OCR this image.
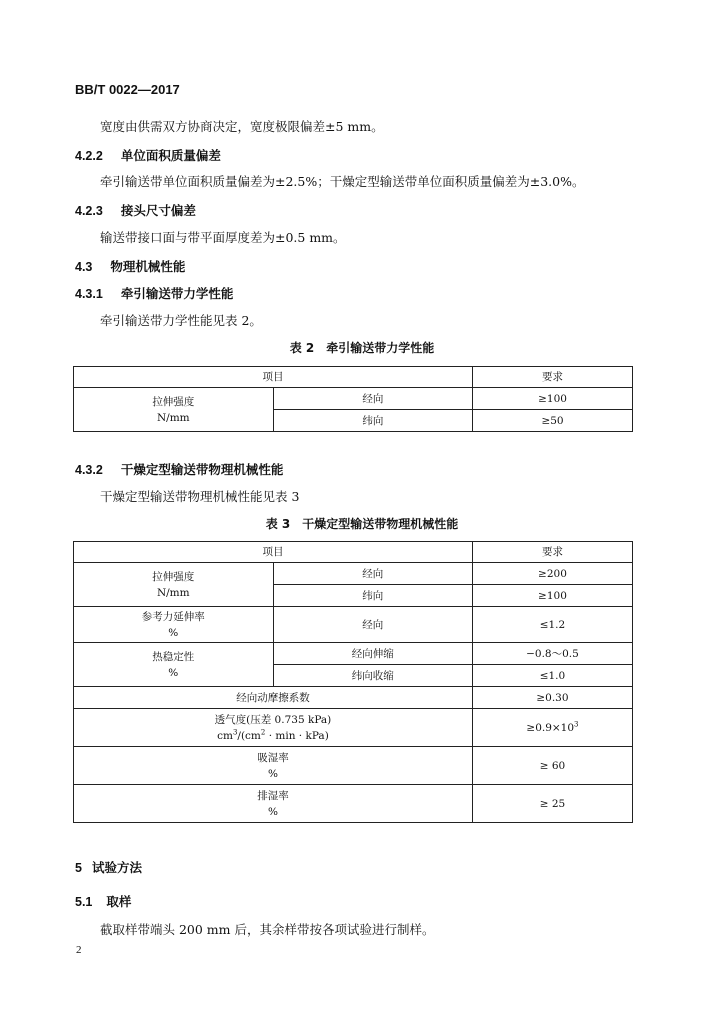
BB/T 0022—2017
宽度由供需双方协商决定，宽度极限偏差±5 mm。
4.2.2 单位面积质量偏差
牵引输送带单位面积质量偏差为±2.5%；干燥定型输送带单位面积质量偏差为±3.0%。
4.2.3 接头尺寸偏差
输送带接口面与带平面厚度差为±0.5 mm。
4.3 物理机械性能
4.3.1 牵引输送带力学性能
牵引输送带力学性能见表 2。
表 2　牵引输送带力学性能
项目		要求

拉伸强度
N/mm	经向	≥100
	纬向	≥50
4.3.2 干燥定型输送带物理机械性能
干燥定型输送带物理机械性能见表 3
表 3　干燥定型输送带物理机械性能
项目		要求

拉伸强度
N/mm	经向	≥200
	纬向	≥100

参考力延伸率
%	经向	≤1.2

热稳定性
%	经向伸缩	−0.8～0.5
	纬向收缩	≤1.0
经向动摩擦系数		≥0.30

透气度(压差 0.735 kPa)
$cm^3/(cm^2 \cdot \min \cdot kPa)$		$\ge 0.9\times 10^3$

吸湿率
%		≥ 60

排湿率
%		≥ 25
5 试验方法
5.1 取样
截取样带端头 200 mm 后，其余样带按各项试验进行制样。
2
